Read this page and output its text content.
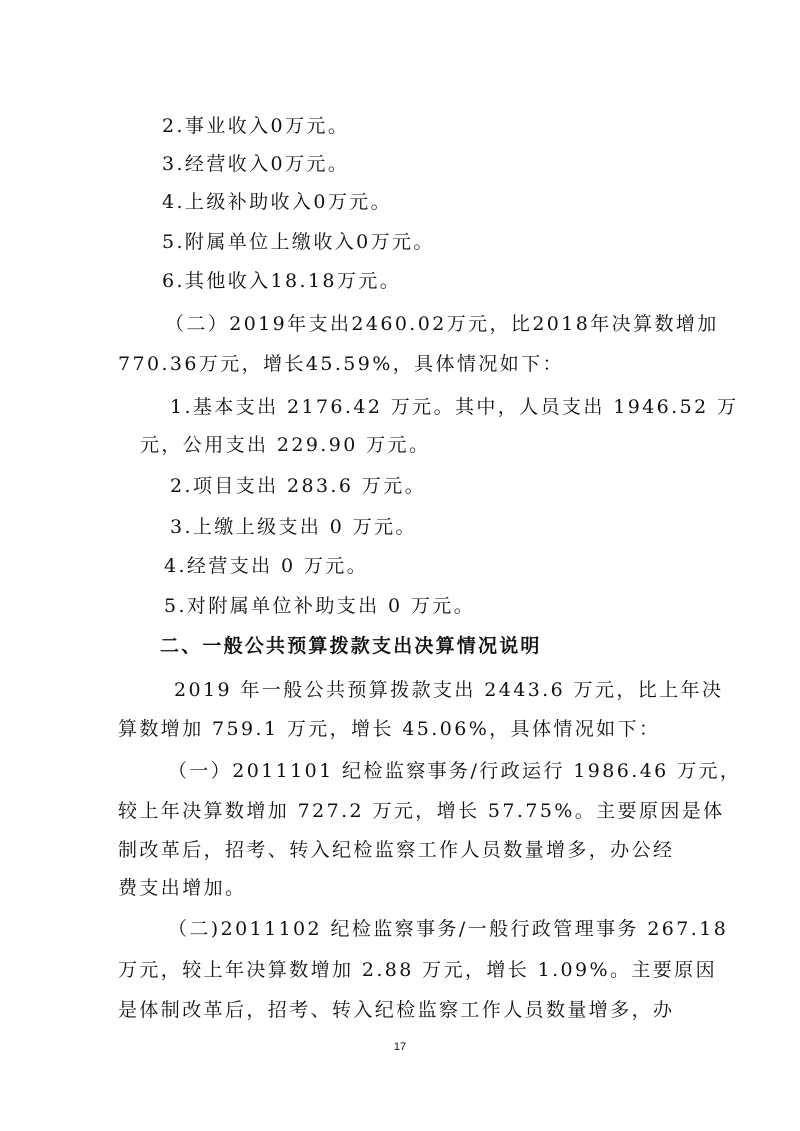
2.事业收入0万元。
3.经营收入0万元。
4.上级补助收入0万元。
5.附属单位上缴收入0万元。
6.其他收入18.18万元。
（二）2019年支出2460.02万元，比2018年决算数增加
770.36万元，增长45.59%，具体情况如下：
1.基本支出 2176.42 万元。其中，人员支出 1946.52 万
元，公用支出 229.90 万元。
2.项目支出 283.6 万元。
3.上缴上级支出 0 万元。
4.经营支出 0 万元。
5.对附属单位补助支出 0 万元。
二、一般公共预算拨款支出决算情况说明
2019 年一般公共预算拨款支出 2443.6 万元，比上年决
算数增加 759.1 万元，增长 45.06%，具体情况如下：
（一）2011101 纪检监察事务/行政运行 1986.46 万元，
较上年决算数增加 727.2 万元，增长 57.75%。主要原因是体
制改革后，招考、转入纪检监察工作人员数量增多，办公经
费支出增加。
（二)2011102 纪检监察事务/一般行政管理事务 267.18
万元，较上年决算数增加 2.88 万元，增长 1.09%。主要原因
是体制改革后，招考、转入纪检监察工作人员数量增多，办
17
